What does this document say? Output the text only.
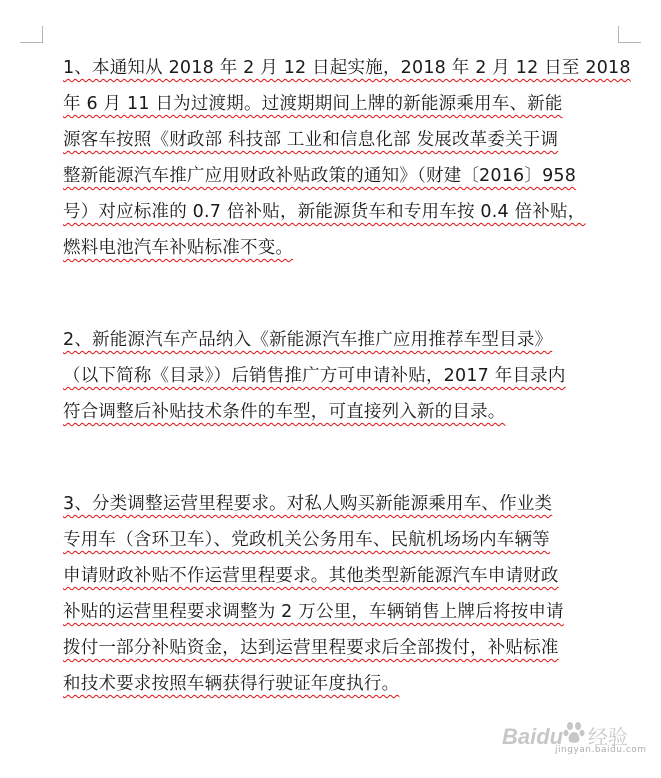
1、本通知从 2018 年 2 月 12 日起实施，2018 年 2 月 12 日至 2018
年 6 月 11 日为过渡期。过渡期期间上牌的新能源乘用车、新能
源客车按照《财政部 科技部 工业和信息化部 发展改革委关于调
整新能源汽车推广应用财政补贴政策的通知》（财建〔2016〕958
号）对应标准的 0.7 倍补贴，新能源货车和专用车按 0.4 倍补贴，
燃料电池汽车补贴标准不变。
2、新能源汽车产品纳入《新能源汽车推广应用推荐车型目录》
（以下简称《目录》）后销售推广方可申请补贴，2017 年目录内
符合调整后补贴技术条件的车型，可直接列入新的目录。
3、分类调整运营里程要求。对私人购买新能源乘用车、作业类
专用车（含环卫车）、党政机关公务用车、民航机场场内车辆等
申请财政补贴不作运营里程要求。其他类型新能源汽车申请财政
补贴的运营里程要求调整为 2 万公里，车辆销售上牌后将按申请
拨付一部分补贴资金，达到运营里程要求后全部拨付，补贴标准
和技术要求按照车辆获得行驶证年度执行。
Baidu 经验
jingyan.baidu.com
